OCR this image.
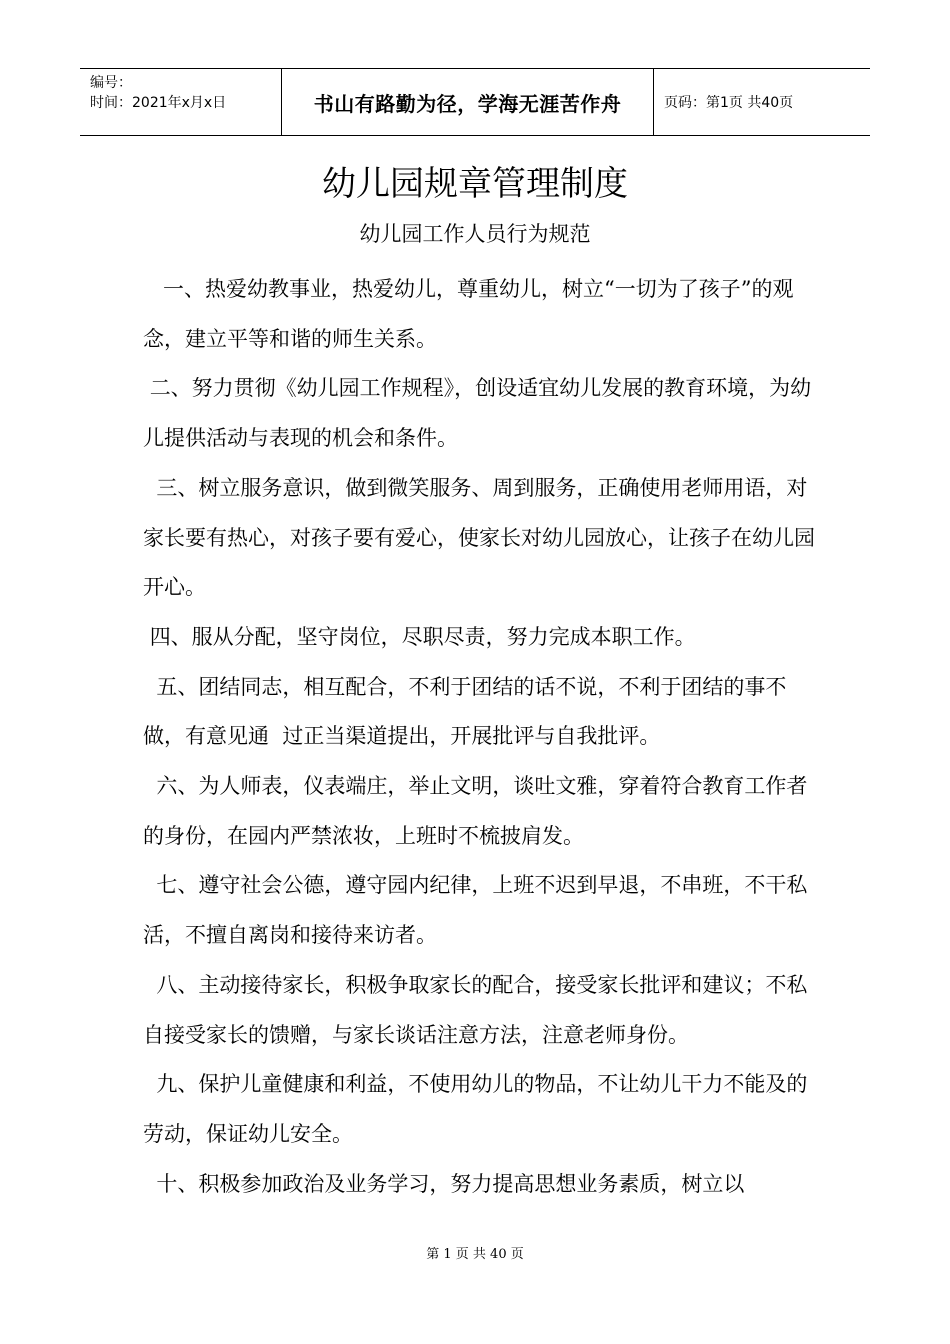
编号：
时间：2021年x月x日	书山有路勤为径，学海无涯苦作舟	页码：第1页 共40页
幼儿园规章管理制度
幼儿园工作人员行为规范

一、热爱幼教事业，热爱幼儿，尊重幼儿，树立“一切为了孩子”的观念，建立平等和谐的师生关系。

二、努力贯彻《幼儿园工作规程》，创设适宜幼儿发展的教育环境，为幼儿提供活动与表现的机会和条件。

三、树立服务意识，做到微笑服务、周到服务，正确使用老师用语，对家长要有热心，对孩子要有爱心，使家长对幼儿园放心，让孩子在幼儿园开心。

四、服从分配，坚守岗位，尽职尽责，努力完成本职工作。

五、团结同志，相互配合，不利于团结的话不说，不利于团结的事不做，有意见通  过正当渠道提出，开展批评与自我批评。

六、为人师表，仪表端庄，举止文明，谈吐文雅，穿着符合教育工作者的身份，在园内严禁浓妆，上班时不梳披肩发。

七、遵守社会公德，遵守园内纪律，上班不迟到早退，不串班，不干私活，不擅自离岗和接待来访者。

八、主动接待家长，积极争取家长的配合，接受家长批评和建议；不私自接受家长的馈赠，与家长谈话注意方法，注意老师身份。

九、保护儿童健康和利益，不使用幼儿的物品，不让幼儿干力不能及的劳动，保证幼儿安全。

十、积极参加政治及业务学习，努力提高思想业务素质，树立以

第 1 页 共 40 页
